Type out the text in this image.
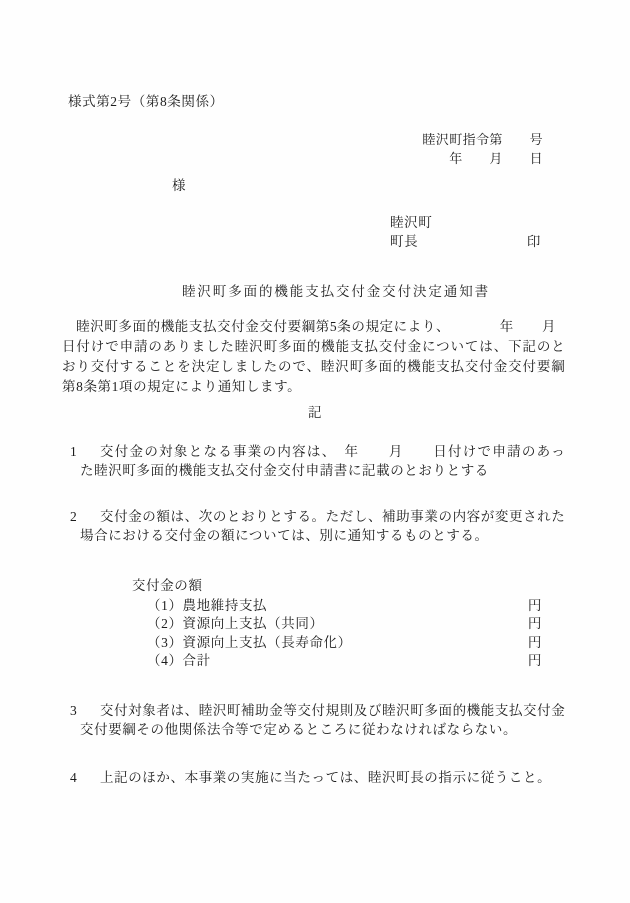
様式第2号（第8条関係）
睦沢町指令第　　号
年　　月　　日
様
睦沢町
町長	印
睦沢町多面的機能支払交付金交付決定通知書
　睦沢町多面的機能支払交付金交付要綱第5条の規定により、　　　　年　　月
日付けで申請のありました睦沢町多面的機能支払交付金については、下記のと
おり交付することを決定しましたので、睦沢町多面的機能支払交付金交付要綱
第8条第1項の規定により通知します。
記
1 交付金の対象となる事業の内容は、　年　　月　　日付けで申請のあっ
た睦沢町多面的機能支払交付金交付申請書に記載のとおりとする
2 交付金の額は、次のとおりとする。ただし、補助事業の内容が変更された
場合における交付金の額については、別に通知するものとする。
交付金の額
（1）農地維持支払	円
（2）資源向上支払（共同）	円
（3）資源向上支払（長寿命化）	円
（4）合計	円
3 交付対象者は、睦沢町補助金等交付規則及び睦沢町多面的機能支払交付金
交付要綱その他関係法令等で定めるところに従わなければならない。
4 上記のほか、本事業の実施に当たっては、睦沢町長の指示に従うこと。
